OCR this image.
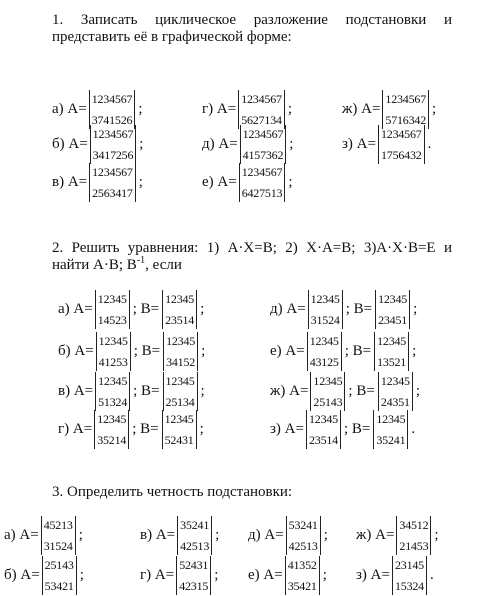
1. Записать циклическое разложение подстановки и представить её в графической форме:
а) A=
1234567
3741526
;	г) A=
1234567
5627134
;	ж) A=
1234567
5716342
;
б) A=
1234567
3417256
;	д) A=
1234567
4157362
;	з) A=
1234567
1756432
.
в) A=
1234567
2563417
;	е) A=
1234567
6427513
;
2. Решить уравнения: 1) A·X=B; 2) X·A=B; 3)A·X·B=E и найти A·B; $B^{-1}$, если
а) A=
12345
14523
; B=
12345
23514
;	д) A=
12345
31524
; B=
12345
23451
;
б) A=
12345
41253
; B=
12345
34152
;	е) A=
12345
43125
; B=
12345
13521
;
в) A=
12345
51324
; B=
12345
25134
;	ж) A=
12345
25143
; B=
12345
24351
;
г) A=
12345
35214
; B=
12345
52431
;	з) A=
12345
23514
; B=
12345
35241
.
3. Определить четность подстановки:
а) A=
45213
31524
;	в) A=
35241
42513
; д) A=
53241
42513
; ж) A=
34512
21453
;
б) A=
25143
53421
;	г) A=
52431
42315
; е) A=
41352
35421
; з) A=
23145
15324
.
